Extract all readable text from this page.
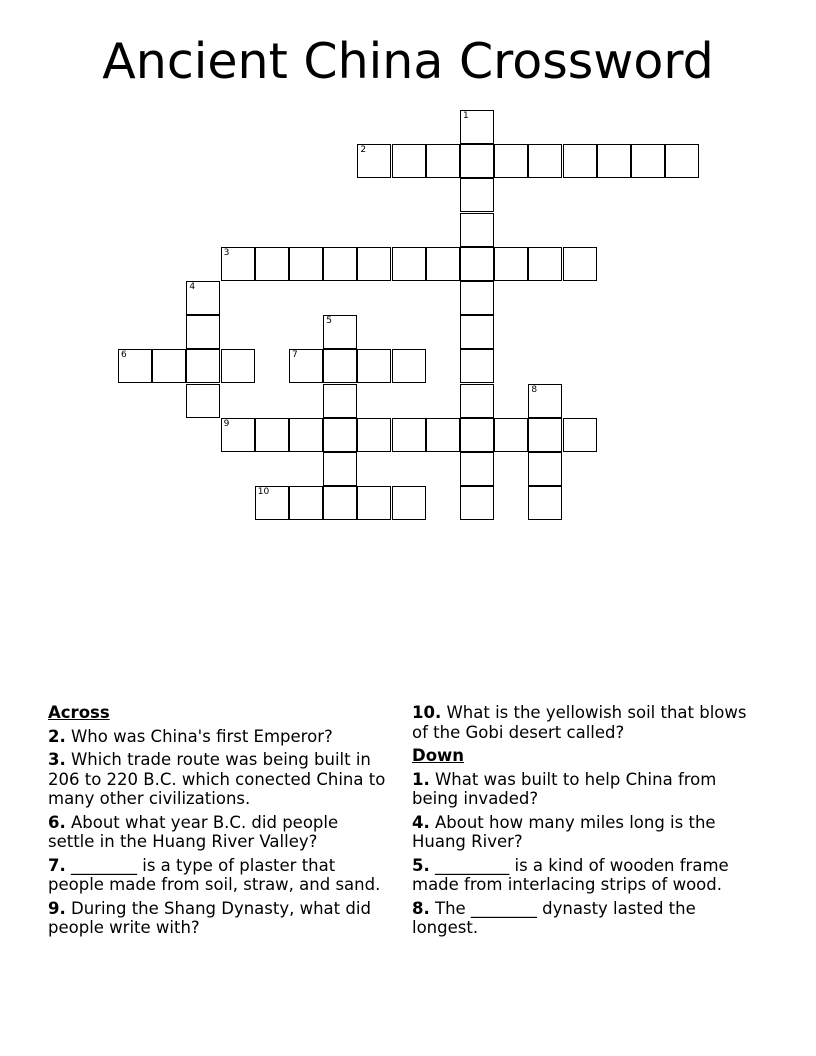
Ancient China Crossword
1
2
3
4
5
6	7
8
9
10
Across
2. Who was China's first Emperor?
3. Which trade route was being built in 206 to 220 B.C. which conected China to many other civilizations.
6. About what year B.C. did people settle in the Huang River Valley?
7. ________ is a type of plaster that people made from soil, straw, and sand.
9. During the Shang Dynasty, what did people write with?
10. What is the yellowish soil that blows of the Gobi desert called?
Down
1. What was built to help China from being invaded?
4. About how many miles long is the Huang River?
5. _________ is a kind of wooden frame made from interlacing strips of wood.
8. The ________ dynasty lasted the longest.
